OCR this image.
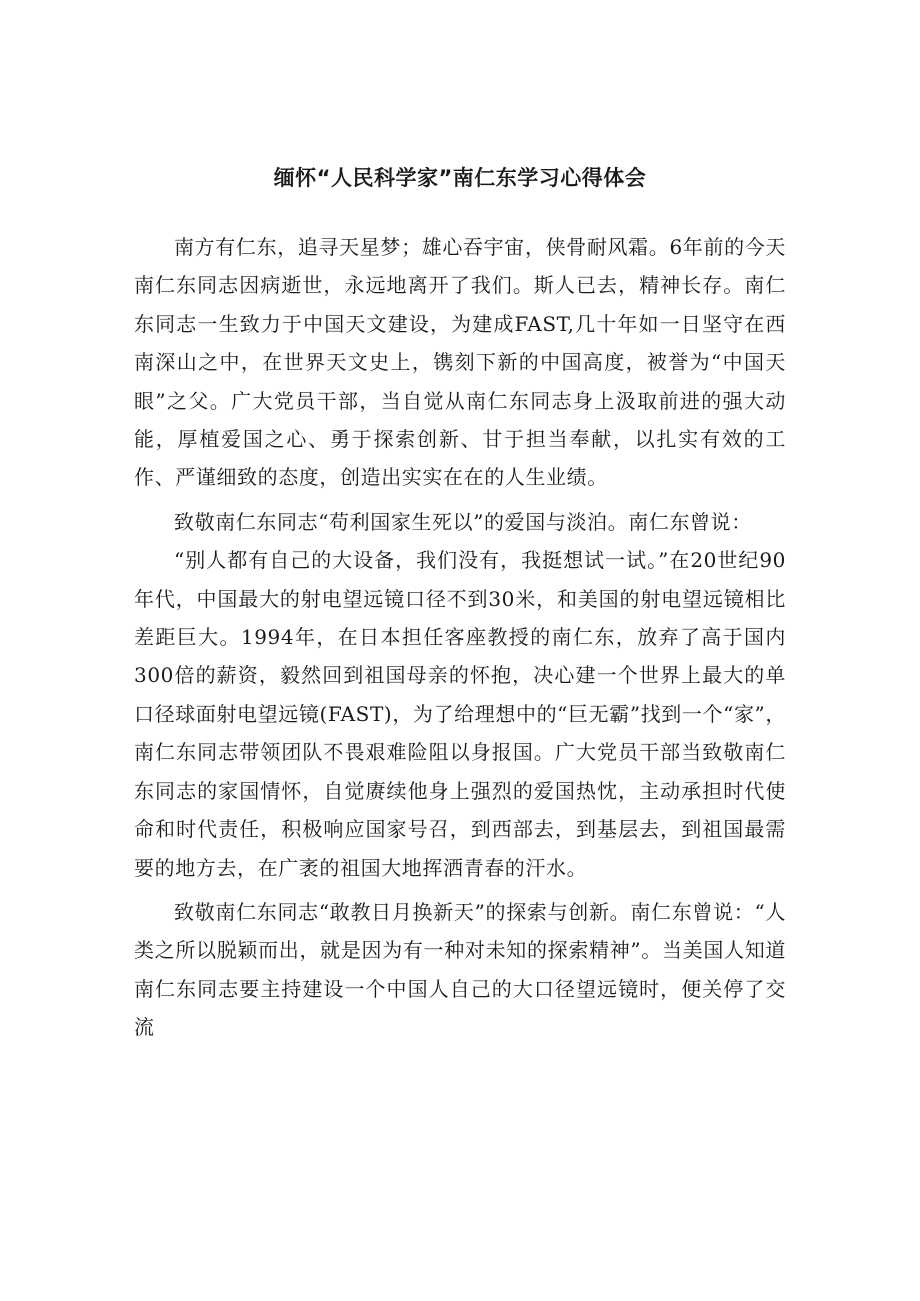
缅怀“人民科学家”南仁东学习心得体会

南方有仁东，追寻天星梦；雄心吞宇宙，侠骨耐风霜。6年前的今天南仁东同志因病逝世，永远地离开了我们。斯人已去，精神长存。南仁东同志一生致力于中国天文建设，为建成FAST,几十年如一日坚守在西南深山之中，在世界天文史上，镌刻下新的中国高度，被誉为“中国天眼”之父。广大党员干部，当自觉从南仁东同志身上汲取前进的强大动能，厚植爱国之心、勇于探索创新、甘于担当奉献，以扎实有效的工作、严谨细致的态度，创造出实实在在的人生业绩。

致敬南仁东同志“苟利国家生死以”的爱国与淡泊。南仁东曾说：

“别人都有自己的大设备，我们没有，我挺想试一试。”在20世纪90年代，中国最大的射电望远镜口径不到30米，和美国的射电望远镜相比差距巨大。1994年，在日本担任客座教授的南仁东，放弃了高于国内300倍的薪资，毅然回到祖国母亲的怀抱，决心建一个世界上最大的单口径球面射电望远镜(FAST)，为了给理想中的“巨无霸”找到一个“家”，南仁东同志带领团队不畏艰难险阻以身报国。广大党员干部当致敬南仁东同志的家国情怀，自觉赓续他身上强烈的爱国热忱，主动承担时代使命和时代责任，积极响应国家号召，到西部去，到基层去，到祖国最需要的地方去，在广袤的祖国大地挥洒青春的汗水。

致敬南仁东同志“敢教日月换新天”的探索与创新。南仁东曾说：“人类之所以脱颖而出，就是因为有一种对未知的探索精神”。当美国人知道南仁东同志要主持建设一个中国人自己的大口径望远镜时，便关停了交流
